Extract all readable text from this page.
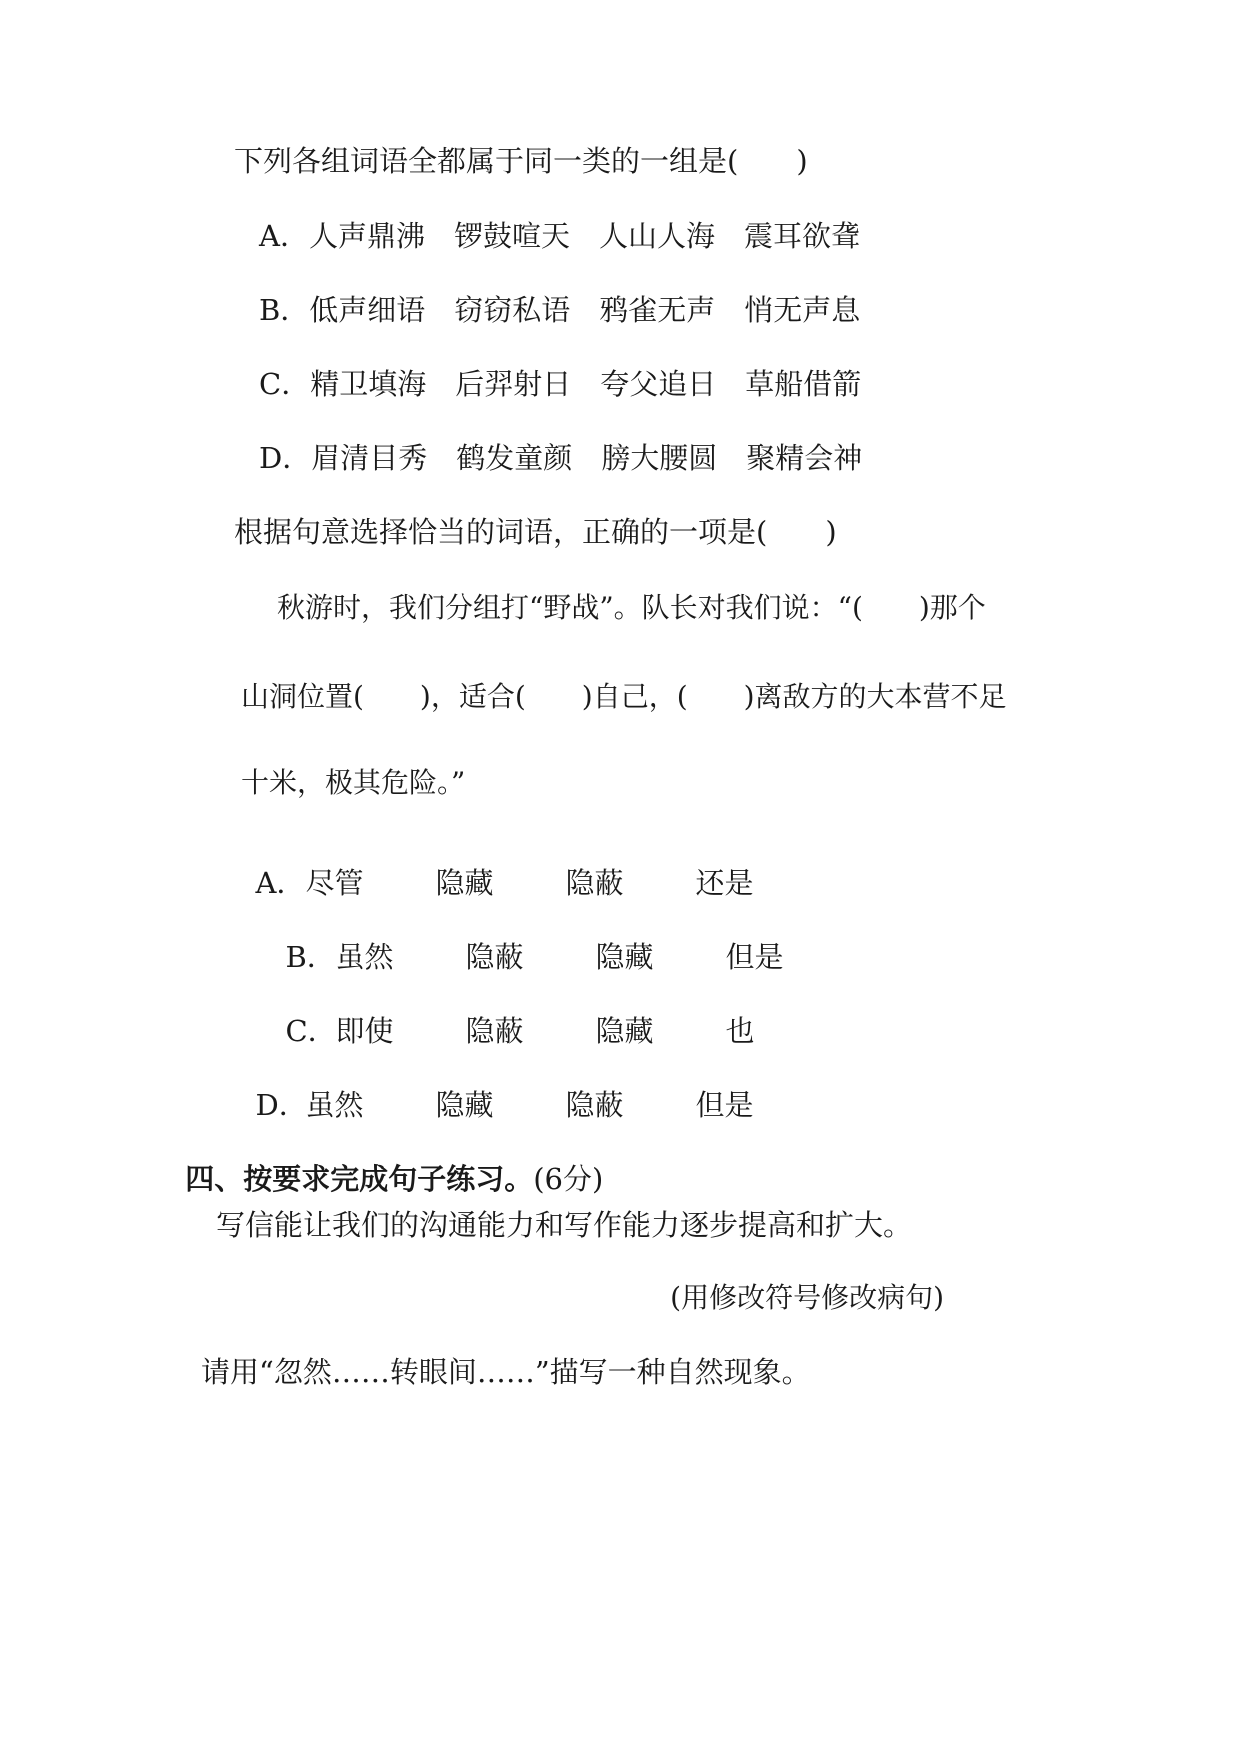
下列各组词语全都属于同一类的一组是(　　)
A．人声鼎沸　锣鼓喧天　人山人海　震耳欲聋
B．低声细语　窃窃私语　鸦雀无声　悄无声息
C．精卫填海　后羿射日　夸父追日　草船借箭
D．眉清目秀　鹤发童颜　膀大腰圆　聚精会神
根据句意选择恰当的词语，正确的一项是(　　)
秋游时，我们分组打“野战”。队长对我们说：“(　　)那个
山洞位置(　　)，适合(　　)自己，(　　)离敌方的大本营不足
十米，极其危险。”

A．尽管 隐藏 隐蔽 还是

B．虽然 隐蔽 隐藏 但是

C．即使 隐蔽 隐藏 也

D．虽然 隐藏 隐蔽 但是

四、按要求完成句子练习。(6分)

写信能让我们的沟通能力和写作能力逐步提高和扩大。
(用修改符号修改病句)
请用“忽然……转眼间……”描写一种自然现象。
